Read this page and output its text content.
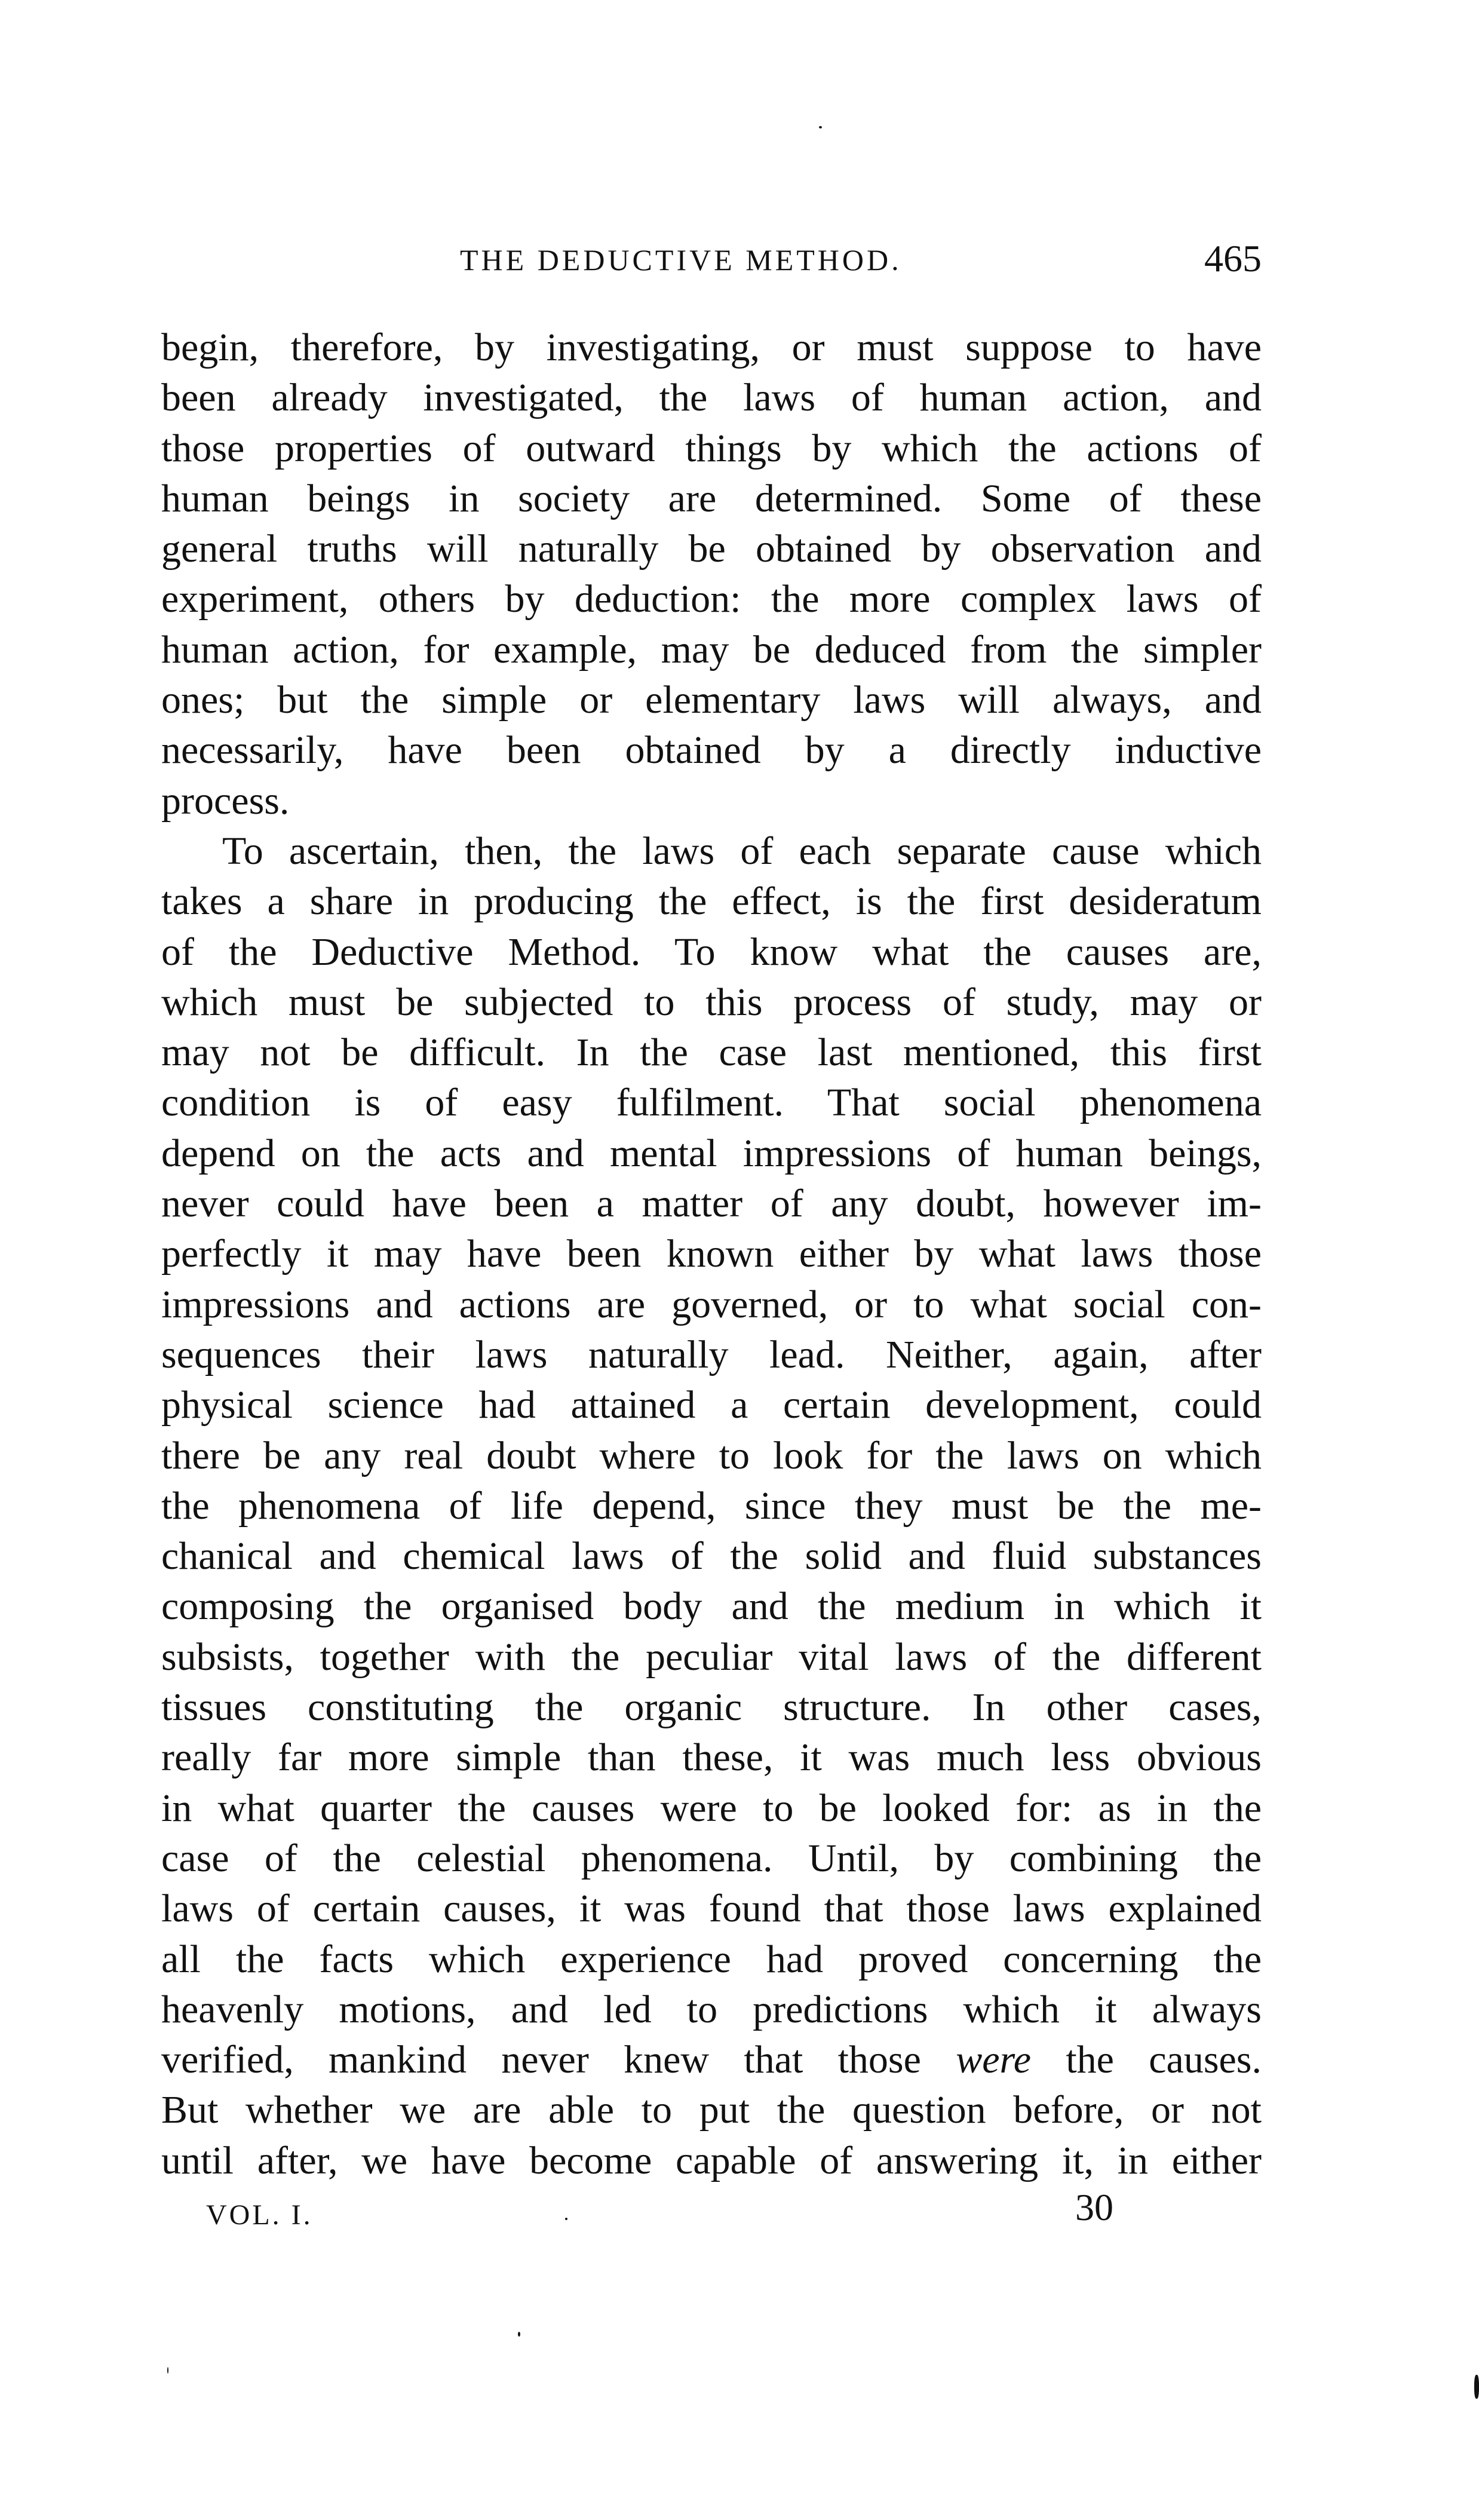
THE DEDUCTIVE METHOD.	465
begin, therefore, by investigating, or must suppose to have
been already investigated, the laws of human action, and
those properties of outward things by which the actions of
human beings in society are determined. Some of these
general truths will naturally be obtained by observation and
experiment, others by deduction: the more complex laws of
human action, for example, may be deduced from the simpler
ones; but the simple or elementary laws will always, and
necessarily, have been obtained by a directly inductive
process.
To ascertain, then, the laws of each separate cause which
takes a share in producing the effect, is the first desideratum
of the Deductive Method. To know what the causes are,
which must be subjected to this process of study, may or
may not be difficult. In the case last mentioned, this first
condition is of easy fulfilment. That social phenomena
depend on the acts and mental impressions of human beings,
never could have been a matter of any doubt, however im-
perfectly it may have been known either by what laws those
impressions and actions are governed, or to what social con-
sequences their laws naturally lead. Neither, again, after
physical science had attained a certain development, could
there be any real doubt where to look for the laws on which
the phenomena of life depend, since they must be the me-
chanical and chemical laws of the solid and fluid substances
composing the organised body and the medium in which it
subsists, together with the peculiar vital laws of the different
tissues constituting the organic structure. In other cases,
really far more simple than these, it was much less obvious
in what quarter the causes were to be looked for: as in the
case of the celestial phenomena. Until, by combining the
laws of certain causes, it was found that those laws explained
all the facts which experience had proved concerning the
heavenly motions, and led to predictions which it always
verified, mankind never knew that those were the causes.
But whether we are able to put the question before, or not
until after, we have become capable of answering it, in either
VOL. I.	30
